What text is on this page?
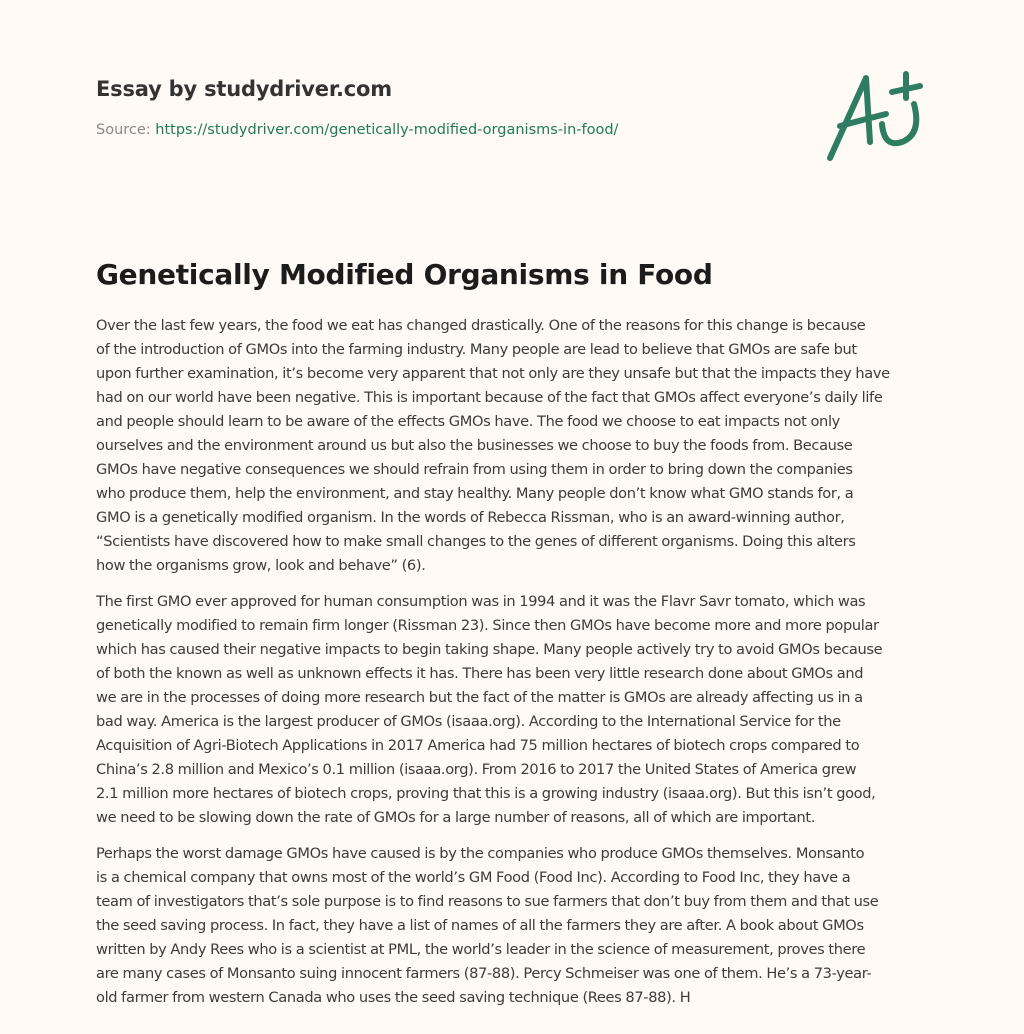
Essay by studydriver.com
Source: https://studydriver.com/genetically-modified-organisms-in-food/
Genetically Modified Organisms in Food

Over the last few years, the food we eat has changed drastically. One of the reasons for this change is because
of the introduction of GMOs into the farming industry. Many people are lead to believe that GMOs are safe but
upon further examination, it’s become very apparent that not only are they unsafe but that the impacts they have
had on our world have been negative. This is important because of the fact that GMOs affect everyone’s daily life
and people should learn to be aware of the effects GMOs have. The food we choose to eat impacts not only
ourselves and the environment around us but also the businesses we choose to buy the foods from. Because
GMOs have negative consequences we should refrain from using them in order to bring down the companies
who produce them, help the environment, and stay healthy. Many people don’t know what GMO stands for, a
GMO is a genetically modified organism. In the words of Rebecca Rissman, who is an award-winning author,
“Scientists have discovered how to make small changes to the genes of different organisms. Doing this alters
how the organisms grow, look and behave” (6).

The first GMO ever approved for human consumption was in 1994 and it was the Flavr Savr tomato, which was
genetically modified to remain firm longer (Rissman 23). Since then GMOs have become more and more popular
which has caused their negative impacts to begin taking shape. Many people actively try to avoid GMOs because
of both the known as well as unknown effects it has. There has been very little research done about GMOs and
we are in the processes of doing more research but the fact of the matter is GMOs are already affecting us in a
bad way. America is the largest producer of GMOs (isaaa.org). According to the International Service for the
Acquisition of Agri-Biotech Applications in 2017 America had 75 million hectares of biotech crops compared to
China’s 2.8 million and Mexico’s 0.1 million (isaaa.org). From 2016 to 2017 the United States of America grew
2.1 million more hectares of biotech crops, proving that this is a growing industry (isaaa.org). But this isn’t good,
we need to be slowing down the rate of GMOs for a large number of reasons, all of which are important.

Perhaps the worst damage GMOs have caused is by the companies who produce GMOs themselves. Monsanto
is a chemical company that owns most of the world’s GM Food (Food Inc). According to Food Inc, they have a
team of investigators that’s sole purpose is to find reasons to sue farmers that don’t buy from them and that use
the seed saving process. In fact, they have a list of names of all the farmers they are after. A book about GMOs
written by Andy Rees who is a scientist at PML, the world’s leader in the science of measurement, proves there
are many cases of Monsanto suing innocent farmers (87-88). Percy Schmeiser was one of them. He’s a 73-year-
old farmer from western Canada who uses the seed saving technique (Rees 87-88). H
